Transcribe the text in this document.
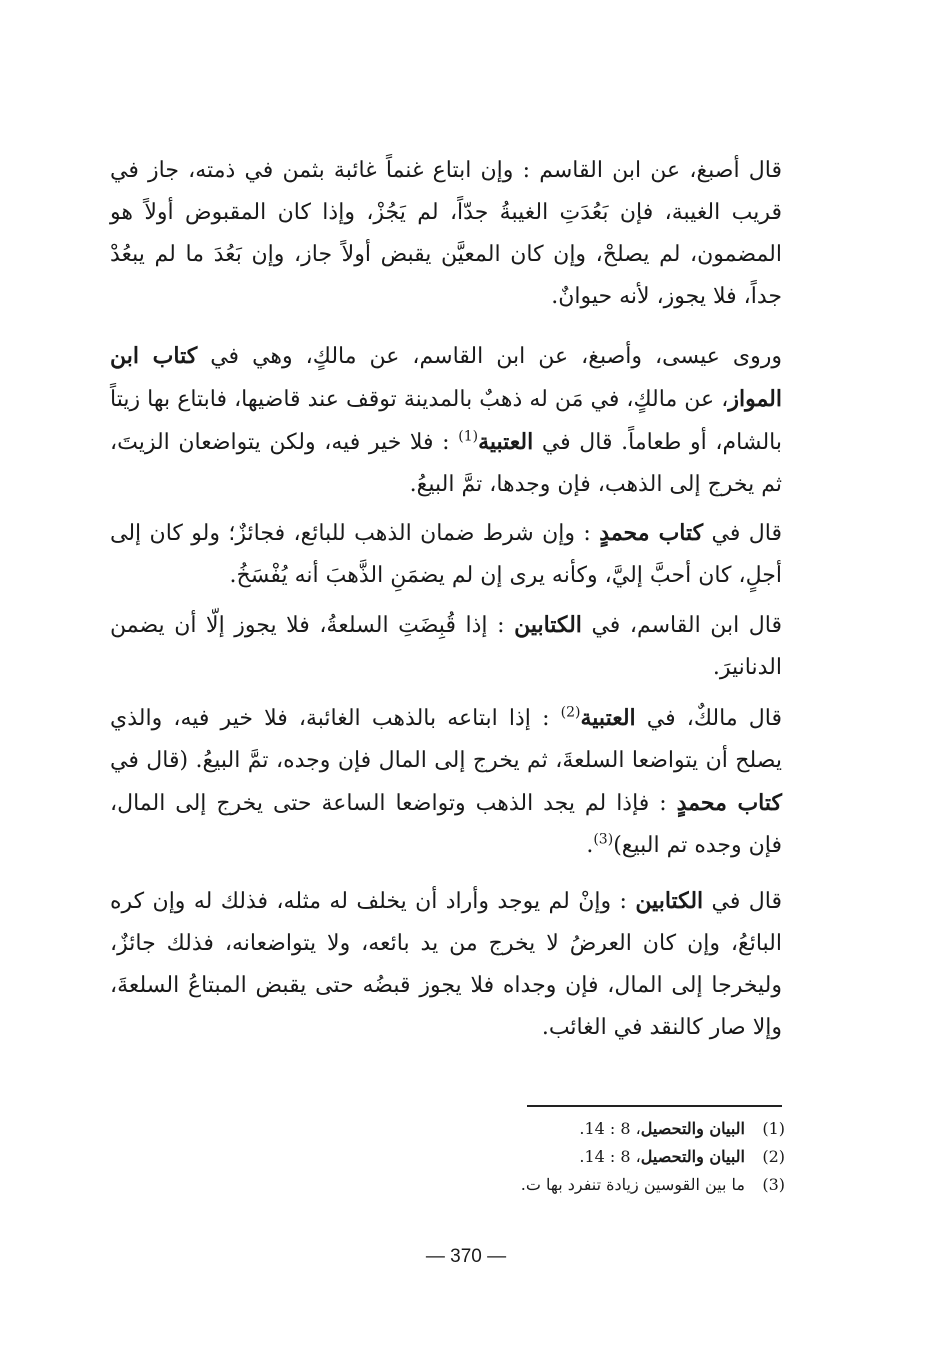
قال أصبغ، عن ابن القاسم : وإن ابتاع غنماً غائبة بثمن في ذمته، جاز في قريب الغيبة، فإن بَعُدَتِ الغيبةُ جدّاً، لم يَجُزْ، وإذا كان المقبوض أولاً هو المضمون، لم يصلحْ، وإن كان المعيَّن يقبض أولاً جاز، وإن بَعُدَ ما لم يبعُدْ جداً، فلا يجوز، لأنه حيوانٌ.
وروى عيسى، وأصبغ، عن ابن القاسم، عن مالكٍ، وهي في كتاب ابن المواز، عن مالكٍ، في مَن له ذهبٌ بالمدينة توقف عند قاضيها، فابتاع بها زيتاً بالشام، أو طعاماً. قال في العتبية$^{(1)}$ : فلا خير فيه، ولكن يتواضعان الزيتَ، ثم يخرج إلى الذهب، فإن وجدها، تمَّ البيعُ.
قال في كتاب محمدٍ : وإن شرط ضمان الذهب للبائع، فجائزٌ؛ ولو كان إلى أجلٍ، كان أحبَّ إليَّ، وكأنه يرى إن لم يضمَنِ الذَّهبَ أنه يُفْسَخُ.
قال ابن القاسم، في الكتابين : إذا قُبِضَتِ السلعةُ، فلا يجوز إلّا أن يضمن الدنانيرَ.
قال مالكٌ، في العتبية$^{(2)}$ : إذا ابتاعه بالذهب الغائبة، فلا خير فيه، والذي يصلح أن يتواضعا السلعةَ، ثم يخرج إلى المال فإن وجده، تمَّ البيعُ. (قال في كتاب محمدٍ : فإذا لم يجد الذهب وتواضعا الساعة حتى يخرج إلى المال، فإن وجده تم البيع)$^{(3)}$.
قال في الكتابين : وإنْ لم يوجد وأراد أن يخلف له مثله، فذلك له وإن كره البائعُ، وإن كان العرضُ لا يخرج من يد بائعه، ولا يتواضعانه، فذلك جائزٌ، وليخرجا إلى المال، فإن وجداه فلا يجوز قبضُه حتى يقبض المبتاعُ السلعةَ، وإلا صار كالنقد في الغائب.
(1)البيان والتحصيل، 8 : 14.
(2)البيان والتحصيل، 8 : 14.
(3)ما بين القوسين زيادة تنفرد بها ت.
— 370 —
